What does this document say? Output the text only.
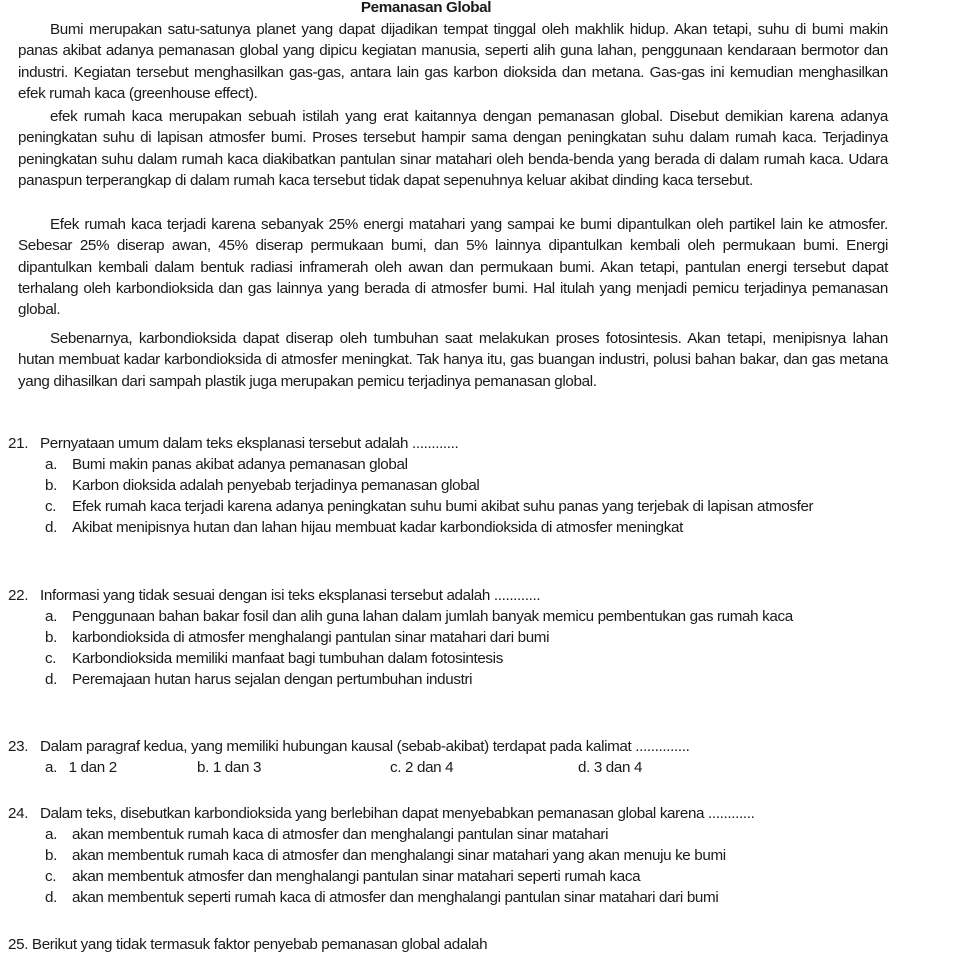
Pemanasan Global

Bumi merupakan satu-satunya planet yang dapat dijadikan tempat tinggal oleh makhlik hidup. Akan tetapi, suhu di bumi makin panas akibat adanya pemanasan global yang dipicu kegiatan manusia, seperti alih guna lahan, penggunaan kendaraan bermotor dan industri. Kegiatan tersebut menghasilkan gas-gas, antara lain gas karbon dioksida dan metana. Gas-gas ini kemudian menghasilkan efek rumah kaca (greenhouse effect).

efek rumah kaca merupakan sebuah istilah yang erat kaitannya dengan pemanasan global. Disebut demikian karena adanya peningkatan suhu di lapisan atmosfer bumi. Proses tersebut hampir sama dengan peningkatan suhu dalam rumah kaca. Terjadinya peningkatan suhu dalam rumah kaca diakibatkan pantulan sinar matahari oleh benda-benda yang berada di dalam rumah kaca. Udara panaspun terperangkap di dalam rumah kaca tersebut tidak dapat sepenuhnya keluar akibat dinding kaca tersebut.

Efek rumah kaca terjadi karena sebanyak 25% energi matahari yang sampai ke bumi dipantulkan oleh partikel lain ke atmosfer. Sebesar 25% diserap awan, 45% diserap permukaan bumi, dan 5% lainnya dipantulkan kembali oleh permukaan bumi. Energi dipantulkan kembali dalam bentuk radiasi inframerah oleh awan dan permukaan bumi. Akan tetapi, pantulan energi tersebut dapat terhalang oleh karbondioksida dan gas lainnya yang berada di atmosfer bumi. Hal itulah yang menjadi pemicu terjadinya pemanasan global.

Sebenarnya, karbondioksida dapat diserap oleh tumbuhan saat melakukan proses fotosintesis. Akan tetapi, menipisnya lahan hutan membuat kadar karbondioksida di atmosfer meningkat. Tak hanya itu, gas buangan industri, polusi bahan bakar, dan gas metana yang dihasilkan dari sampah plastik juga merupakan pemicu terjadinya pemanasan global.

21. Pernyataan umum dalam teks eksplanasi tersebut adalah ............
a. Bumi makin panas akibat adanya pemanasan global
b. Karbon dioksida adalah penyebab terjadinya pemanasan global
c.	Efek rumah kaca terjadi karena adanya peningkatan suhu bumi akibat suhu panas yang terjebak di lapisan atmosfer
d. Akibat menipisnya hutan dan lahan hijau membuat kadar karbondioksida di atmosfer meningkat
22. Informasi yang tidak sesuai dengan isi teks eksplanasi tersebut adalah ............
a. Penggunaan bahan bakar fosil dan alih guna lahan dalam jumlah banyak memicu pembentukan gas rumah kaca
b. karbondioksida di atmosfer menghalangi pantulan sinar matahari dari bumi
c.	Karbondioksida memiliki manfaat bagi tumbuhan dalam fotosintesis
d. Peremajaan hutan harus sejalan dengan pertumbuhan industri
23. Dalam paragraf kedua, yang memiliki hubungan kausal (sebab-akibat) terdapat pada kalimat ..............
a. 1 dan 2	b. 1 dan 3	c. 2 dan 4	d. 3 dan 4
24. Dalam teks, disebutkan karbondioksida yang berlebihan dapat menyebabkan pemanasan global karena ............
a. akan membentuk rumah kaca di atmosfer dan menghalangi pantulan sinar matahari
b. akan membentuk rumah kaca di atmosfer dan menghalangi sinar matahari yang akan menuju ke bumi
c.	akan membentuk atmosfer dan menghalangi pantulan sinar matahari seperti rumah kaca
d. akan membentuk seperti rumah kaca di atmosfer dan menghalangi pantulan sinar matahari dari bumi
25. Berikut yang tidak termasuk faktor penyebab pemanasan global adalah
